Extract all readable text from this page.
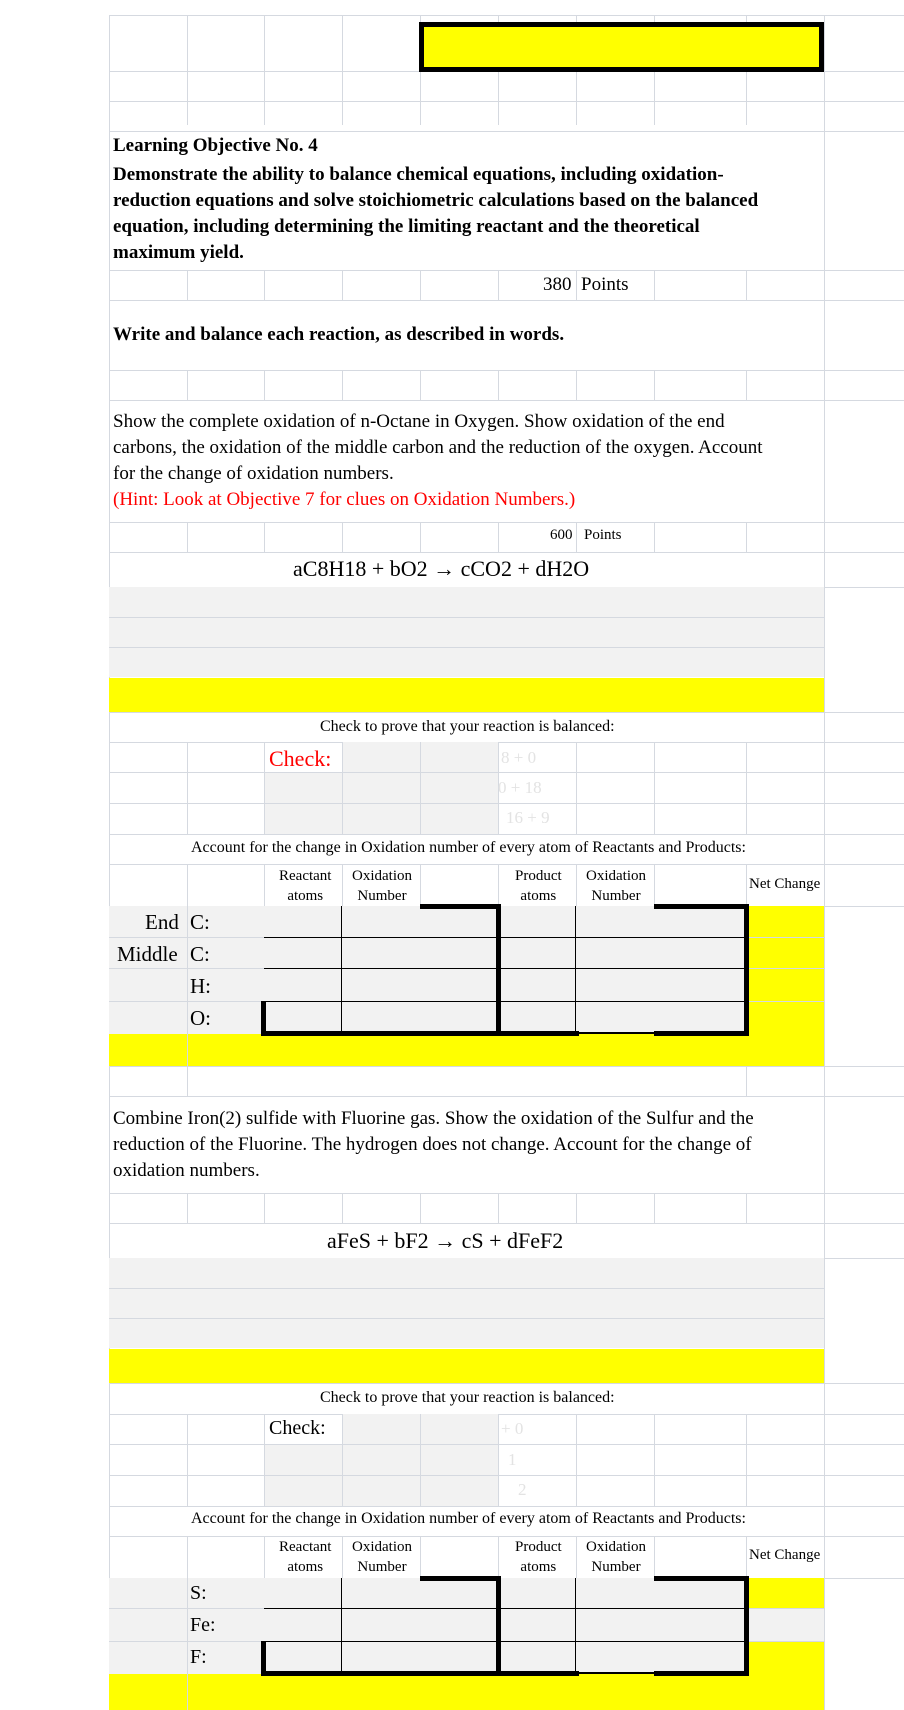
Learning Objective No. 4
Demonstrate the ability to balance chemical equations, including oxidation-
reduction equations and solve stoichiometric calculations based on the balanced
equation, including determining the limiting reactant and the theoretical
maximum yield.
380 Points
Write and balance each reaction, as described in words.
Show the complete oxidation of n-Octane in Oxygen. Show oxidation of the end
carbons, the oxidation of the middle carbon and the reduction of the oxygen. Account
for the change of oxidation numbers.
(Hint: Look at Objective 7 for clues on Oxidation Numbers.)
600 Points
aC8H18 + bO2 → cCO2 + dH2O
Check to prove that your reaction is balanced:
Check:	8 + 0
0 + 18
16 + 9
Account for the change in Oxidation number of every atom of Reactants and Products:
Reactant
atoms
Oxidation
Number
Product
atoms
Oxidation
Number
Net Change
End C:
Middle C:
H:
O:
Combine Iron(2) sulfide with Fluorine gas. Show the oxidation of the Sulfur and the
reduction of the Fluorine. The hydrogen does not change. Account for the change of
oxidation numbers.
aFeS + bF2 → cS + dFeF2
Check to prove that your reaction is balanced:
Check:	+ 0
1
2
Account for the change in Oxidation number of every atom of Reactants and Products:
Reactant
atoms
Oxidation
Number
Product
atoms
Oxidation
Number
Net Change
S:
Fe:
F:
